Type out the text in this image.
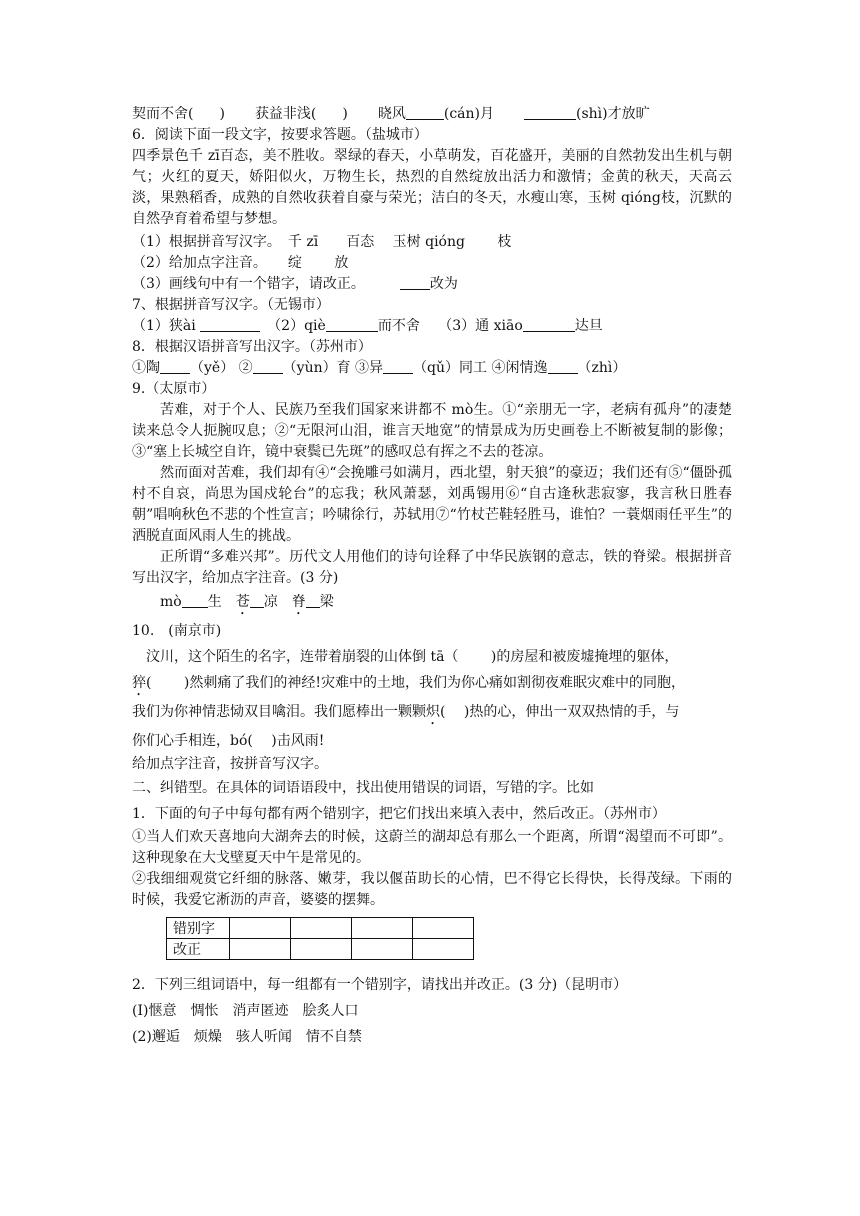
契而不舍( ) 获益非浅( ) 晓风	(cán)月	(shì)才放旷
6．阅读下面一段文字，按要求答题。（盐城市）
四季景色千 zī百态，美不胜收。翠绿的春天，小草萌发，百花盛开，美丽的自然勃发出生机与朝气；火红的夏天，娇阳似火，万物生长，热烈的自然绽放出活力和激情；金黄的秋天，天高云淡，果熟稻香，成熟的自然收获着自豪与荣光；洁白的冬天，水瘦山寒，玉树 qióng枝，沉默的自然孕育着希望与梦想。
（1）根据拼音写汉字。　千 zī　　百态　 玉树 qióng　　 枝
（2）给加点字注音。　　绽　　 放
（3）画线句中有一个错字，请改正。　　　改为
7、根据拼音写汉字。（无锡市）
（1）狭ài	　（2）qiè	而不舍　 （3）通 xiāo	达旦
8．根据汉语拼音写出汉字。（苏州市）
①陶 （yě） ② （yùn）育 ③异 （qǔ）同工 ④闲情逸 （zhì）
9.（太原市）
苦难，对于个人、民族乃至我们国家来讲都不 mò生。①“亲朋无一字，老病有孤舟”的凄楚读来总令人扼腕叹息；②“无限河山泪，谁言天地宽”的情景成为历史画卷上不断被复制的影像；③“塞上长城空自许，镜中衰鬓已先斑”的感叹总有挥之不去的苍凉。
然而面对苦难，我们却有④“会挽雕弓如满月，西北望，射天狼”的豪迈；我们还有⑤“僵卧孤村不自哀，尚思为国戍轮台”的忘我；秋风萧瑟，刘禹锡用⑥“自古逢秋悲寂寥，我言秋日胜春朝”唱响秋色不悲的个性宣言；吟啸徐行，苏轼用⑦“竹杖芒鞋轻胜马，谁怕？一蓑烟雨任平生”的洒脱直面风雨人生的挑战。
正所谓“多难兴邦”。历代文人用他们的诗句诠释了中华民族钢的意志，铁的脊梁。根据拼音写出汉字，给加点字注音。(3 分)
mò 生　苍 凉　脊 梁
10.　(南京市)
汶川，这个陌生的名字，连带着崩裂的山体倒 tā（　　 )的房屋和被废墟掩埋的躯体，
猝(　　 )然刺痛了我们的神经!灾难中的土地，我们为你心痛如割彻夜难眠灾难中的同胞，
我们为你神情悲恸双目噙泪。我们愿棒出一颗颗炽(　 )热的心，伸出一双双热情的手，与
你们心手相连，bó(　 )击风雨!
给加点字注音，按拼音写汉字。
二、纠错型。在具体的词语语段中，找出使用错误的词语，写错的字。比如
1．下面的句子中每句都有两个错别字，把它们找出来填入表中，然后改正。（苏州市）
①当人们欢天喜地向大湖奔去的时候，这蔚兰的湖却总有那么一个距离，所谓“渴望而不可即”。这种现象在大戈壁夏天中午是常见的。
②我细细观赏它纤细的脉落、嫩芽，我以偃苗助长的心情，巴不得它长得快，长得茂绿。下雨的时候，我爱它淅沥的声音，婆婆的摆舞。
错别字				
改正				
2．下列三组词语中，每一组都有一个错别字，请找出并改正。(3 分)（昆明市）
(I)惬意　惆怅　消声匿迹　脍炙人口
(2)邂逅　烦燥　骇人听闻　情不自禁
